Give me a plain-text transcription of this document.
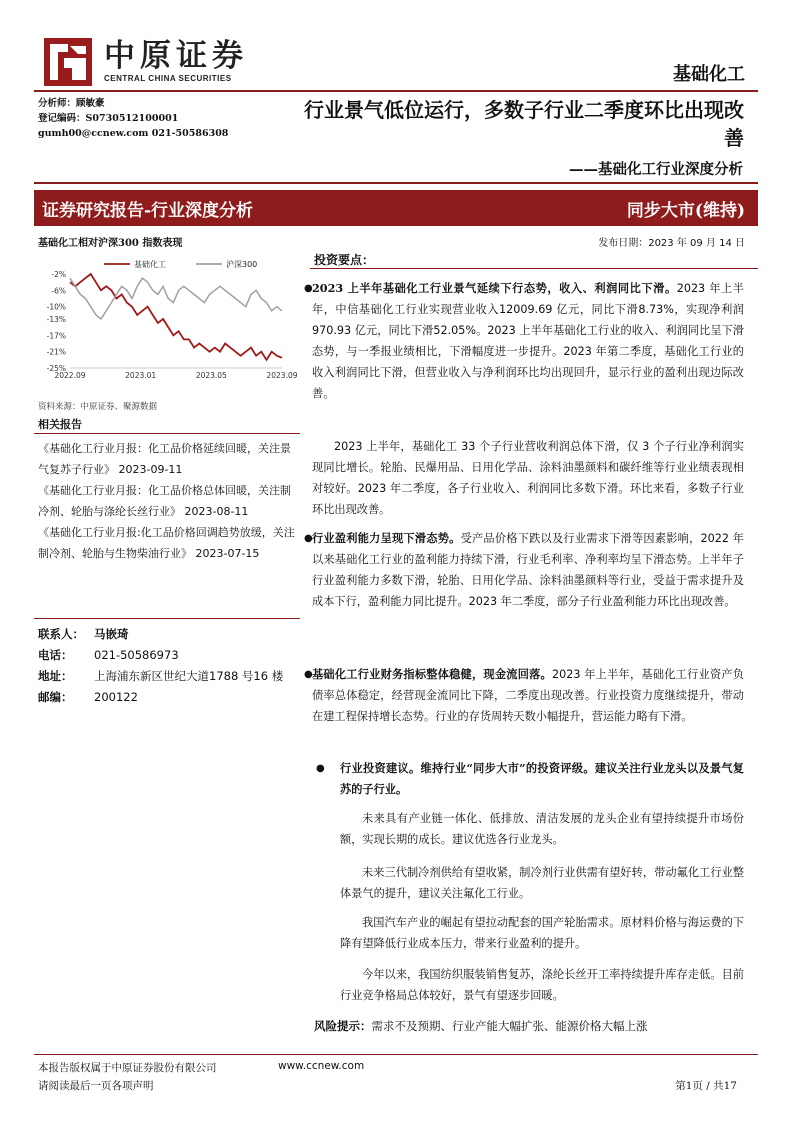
中原证券
CENTRAL CHINA SECURITIES	基础化工
分析师：顾敏豪
登记编码：S0730512100001
gumh00@ccnew.com 021-50586308
行业景气低位运行，多数子行业二季度环比出现改善
——基础化工行业深度分析
证券研究报告-行业深度分析	同步大市(维持)
基础化工相对沪深300 指数表现
-2%
-6%
-10%
-13%
-17%
-21%
-25%
2022.09	2023.01	2023.05	2023.09
基础化工	沪深300
资料来源：中原证券、聚源数据
相关报告
《基础化工行业月报：化工品价格延续回暖，关注景气复苏子行业》 2023-09-11
《基础化工行业月报：化工品价格总体回暖，关注制冷剂、轮胎与涤纶长丝行业》 2023-08-11
《基础化工行业月报:化工品价格回调趋势放缓，关注制冷剂、轮胎与生物柴油行业》 2023-07-15
联系人： 马嵌琦
电话：	021-50586973
地址：	上海浦东新区世纪大道1788 号16 楼
邮编：	200122
发布日期：2023 年 09 月 14 日
投资要点：
● 2023 上半年基础化工行业景气延续下行态势，收入、利润同比下滑。2023 年上半年，中信基础化工行业实现营业收入12009.69 亿元，同比下滑8.73%，实现净利润 970.93 亿元，同比下滑52.05%。2023 上半年基础化工行业的收入、利润同比呈下滑态势，与一季报业绩相比，下滑幅度进一步提升。2023 年第二季度，基础化工行业的收入利润同比下滑，但营业收入与净利润环比均出现回升，显示行业的盈利出现边际改善。
2023 上半年，基础化工 33 个子行业营收利润总体下滑，仅 3 个子行业净利润实现同比增长。轮胎、民爆用品、日用化学品、涂料油墨颜料和碳纤维等行业业绩表现相对较好。2023 年二季度，各子行业收入、利润同比多数下滑。环比来看，多数子行业环比出现改善。
● 行业盈利能力呈现下滑态势。受产品价格下跌以及行业需求下滑等因素影响，2022 年以来基础化工行业的盈利能力持续下滑，行业毛利率、净利率均呈下滑态势。上半年子行业盈利能力多数下滑，轮胎、日用化学品、涂料油墨颜料等行业，受益于需求提升及成本下行，盈利能力同比提升。2023 年二季度，部分子行业盈利能力环比出现改善。
● 基础化工行业财务指标整体稳健，现金流回落。2023 年上半年，基础化工行业资产负债率总体稳定，经营现金流同比下降，二季度出现改善。行业投资力度继续提升，带动在建工程保持增长态势。行业的存货周转天数小幅提升，营运能力略有下滑。
● 行业投资建议。维持行业“同步大市”的投资评级。建议关注行业龙头以及景气复苏的子行业。
未来具有产业链一体化、低排放、清洁发展的龙头企业有望持续提升市场份额，实现长期的成长。建议优选各行业龙头。
未来三代制冷剂供给有望收紧，制冷剂行业供需有望好转，带动氟化工行业整体景气的提升，建议关注氟化工行业。
我国汽车产业的崛起有望拉动配套的国产轮胎需求。原材料价格与海运费的下降有望降低行业成本压力，带来行业盈利的提升。
今年以来，我国纺织服装销售复苏，涤纶长丝开工率持续提升库存走低。目前行业竞争格局总体较好，景气有望逐步回暖。
风险提示：需求不及预期、行业产能大幅扩张、能源价格大幅上涨
本报告版权属于中原证券股份有限公司	www.ccnew.com
请阅读最后一页各项声明	第1页 / 共17
